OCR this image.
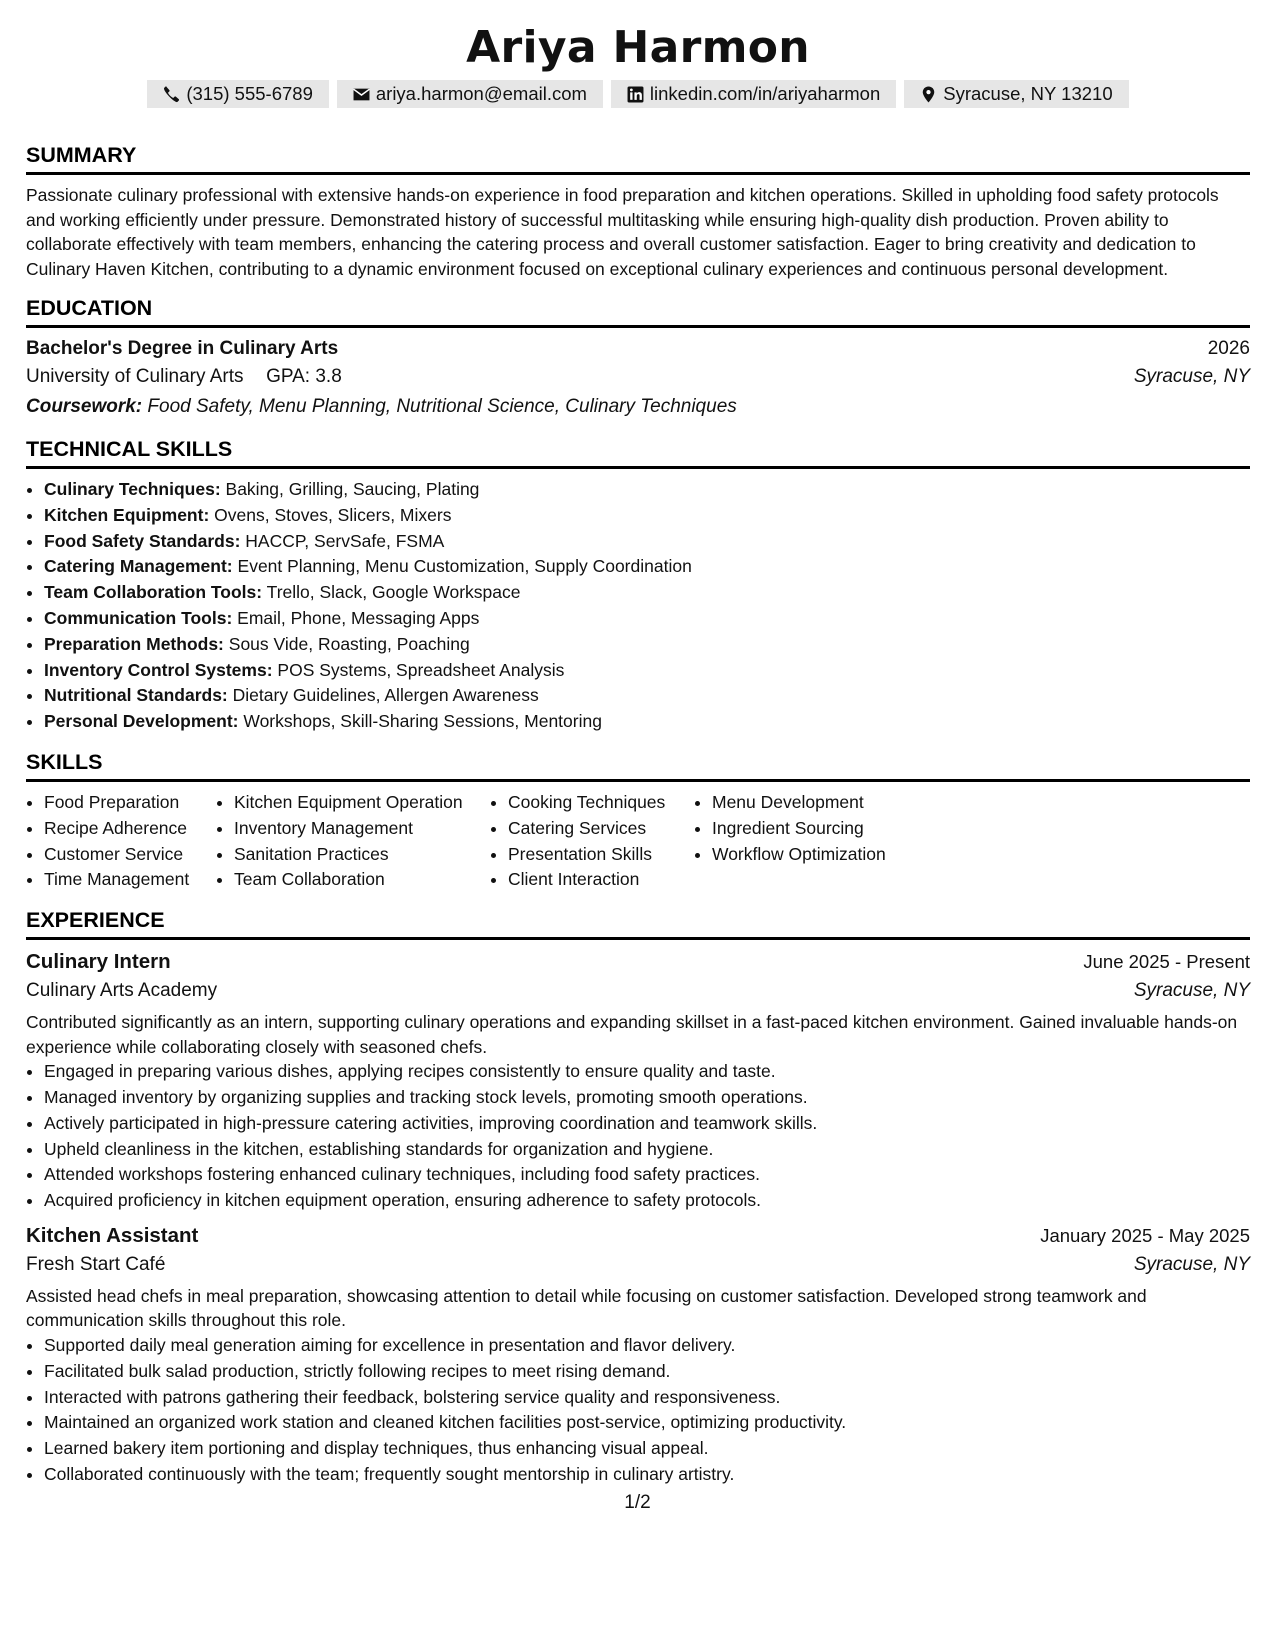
Ariya Harmon
(315) 555-6789	ariya.harmon@email.com	linkedin.com/in/ariyaharmon	Syracuse, NY 13210
SUMMARY

Passionate culinary professional with extensive hands-on experience in food preparation and kitchen operations. Skilled in upholding food safety protocols and working efficiently under pressure. Demonstrated history of successful multitasking while ensuring high-quality dish production. Proven ability to collaborate effectively with team members, enhancing the catering process and overall customer satisfaction. Eager to bring creativity and dedication to Culinary Haven Kitchen, contributing to a dynamic environment focused on exceptional culinary experiences and continuous personal development.

EDUCATION
Bachelor's Degree in Culinary Arts	2026
University of Culinary Arts GPA: 3.8	Syracuse, NY
Coursework: Food Safety, Menu Planning, Nutritional Science, Culinary Techniques
TECHNICAL SKILLS
• Culinary Techniques: Baking, Grilling, Saucing, Plating
• Kitchen Equipment: Ovens, Stoves, Slicers, Mixers
• Food Safety Standards: HACCP, ServSafe, FSMA
• Catering Management: Event Planning, Menu Customization, Supply Coordination
• Team Collaboration Tools: Trello, Slack, Google Workspace
• Communication Tools: Email, Phone, Messaging Apps
• Preparation Methods: Sous Vide, Roasting, Poaching
• Inventory Control Systems: POS Systems, Spreadsheet Analysis
• Nutritional Standards: Dietary Guidelines, Allergen Awareness
• Personal Development: Workshops, Skill-Sharing Sessions, Mentoring
SKILLS
• Food Preparation
• Recipe Adherence
• Customer Service
• Time Management
• Kitchen Equipment Operation
• Inventory Management
• Sanitation Practices
• Team Collaboration
• Cooking Techniques
• Catering Services
• Presentation Skills
• Client Interaction
• Menu Development
• Ingredient Sourcing
• Workflow Optimization
EXPERIENCE
Culinary Intern	June 2025 - Present
Culinary Arts Academy	Syracuse, NY

Contributed significantly as an intern, supporting culinary operations and expanding skillset in a fast-paced kitchen environment. Gained invaluable hands-on experience while collaborating closely with seasoned chefs.

• Engaged in preparing various dishes, applying recipes consistently to ensure quality and taste.
• Managed inventory by organizing supplies and tracking stock levels, promoting smooth operations.
• Actively participated in high-pressure catering activities, improving coordination and teamwork skills.
• Upheld cleanliness in the kitchen, establishing standards for organization and hygiene.
• Attended workshops fostering enhanced culinary techniques, including food safety practices.
• Acquired proficiency in kitchen equipment operation, ensuring adherence to safety protocols.
Kitchen Assistant	January 2025 - May 2025
Fresh Start Café	Syracuse, NY

Assisted head chefs in meal preparation, showcasing attention to detail while focusing on customer satisfaction. Developed strong teamwork and communication skills throughout this role.

• Supported daily meal generation aiming for excellence in presentation and flavor delivery.
• Facilitated bulk salad production, strictly following recipes to meet rising demand.
• Interacted with patrons gathering their feedback, bolstering service quality and responsiveness.
• Maintained an organized work station and cleaned kitchen facilities post-service, optimizing productivity.
• Learned bakery item portioning and display techniques, thus enhancing visual appeal.
• Collaborated continuously with the team; frequently sought mentorship in culinary artistry.
1/2
